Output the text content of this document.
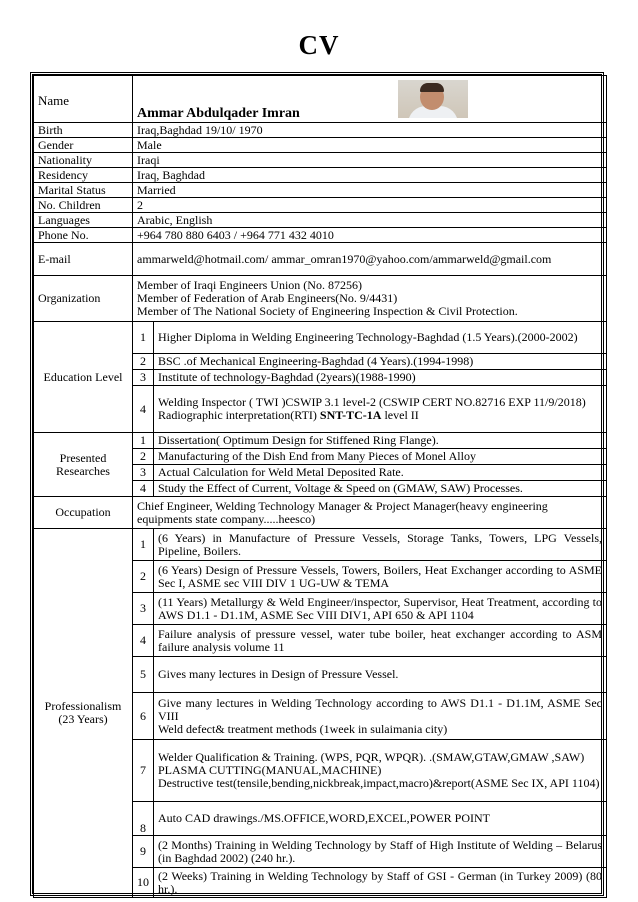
CV
Name	Ammar Abdulqader Imran	

Birth	Iraq,Baghdad 19/10/ 1970	
Gender	Male	
Nationality	Iraqi	
Residency	Iraq, Baghdad	
Marital Status	Married	
No. Children	2	
Languages	Arabic, English	
Phone No.	+964 780 880 6403 / +964 771 432 4010	
E-mail	ammarweld@hotmail.com/ ammar_omran1970@yahoo.com/ammarweld@gmail.com	
Organization	Member of Iraqi Engineers Union (No. 87256)
Member of Federation of Arab Engineers(No. 9/4431)
Member of The National Society of Engineering Inspection & Civil Protection.	

Education Level	1	Higher Diploma in Welding Engineering Technology-Baghdad (1.5 Years).(2000-2002)
	2	BSC .of Mechanical Engineering-Baghdad (4 Years).(1994-1998)
	3	Institute of technology-Baghdad (2years)(1988-1990)
	4	Welding Inspector ( TWI )CSWIP 3.1 level-2 (CSWIP CERT NO.82716 EXP 11/9/2018)
Radiographic interpretation(RTI) SNT-TC-1A level II

Presented Researches	1	Dissertation( Optimum Design for Stiffened Ring Flange).
	2	Manufacturing of the Dish End from Many Pieces of Monel Alloy
	3	Actual Calculation for Weld Metal Deposited Rate.
	4	Study the Effect of Current, Voltage & Speed on (GMAW, SAW) Processes.
Occupation	Chief Engineer, Welding Technology Manager & Project Manager(heavy engineering equipments state company.....heesco)	

Professionalism
(23 Years)	1	(6 Years) in Manufacture of Pressure Vessels, Storage Tanks, Towers, LPG Vessels, Pipeline, Boilers.
	2	(6 Years) Design of Pressure Vessels, Towers, Boilers, Heat Exchanger according to ASME Sec I, ASME sec VIII DIV 1 UG-UW & TEMA
	3	(11 Years) Metallurgy & Weld Engineer/inspector, Supervisor, Heat Treatment, according to AWS D1.1 - D1.1M, ASME Sec VIII DIV1, API 650 & API 1104
	4	Failure analysis of pressure vessel, water tube boiler, heat exchanger according to ASM failure analysis volume 11
	5	Gives many lectures in Design of Pressure Vessel.
	6	Give many lectures in Welding Technology according to AWS D1.1 - D1.1M, ASME Sec VIII
Weld defect& treatment methods (1week in sulaimania city)

	7	Welder Qualification & Training. (WPS, PQR, WPQR). .(SMAW,GTAW,GMAW ,SAW) PLASMA CUTTING(MANUAL,MACHINE)
Destructive test(tensile,bending,nickbreak,impact,macro)&report(ASME Sec IX, API 1104)

	8	Auto CAD drawings./MS.OFFICE,WORD,EXCEL,POWER POINT
	9	(2 Months) Training in Welding Technology by Staff of High Institute of Welding – Belarus (in Baghdad 2002) (240 hr.).
	10	(2 Weeks) Training in Welding Technology by Staff of GSI - German (in Turkey 2009) (80 hr.).
